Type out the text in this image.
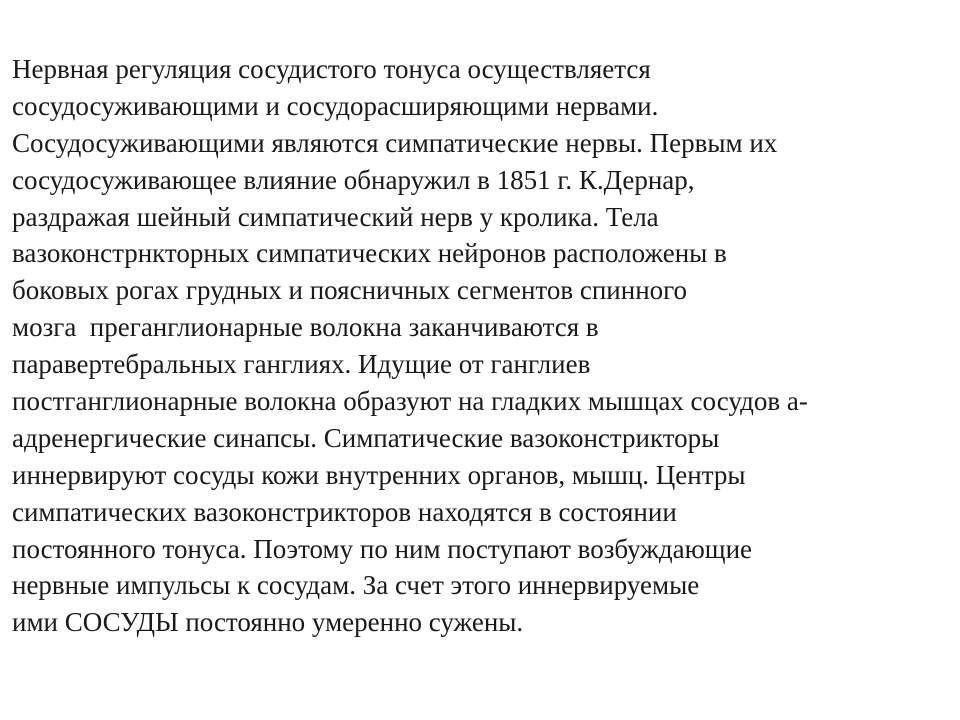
Нервная регуляция сосудистого тонуса осуществляется
сосудосуживающими и сосудорасширяющими нервами.
Сосудосуживающими являются симпатические нервы. Первым их
сосудосуживающее влияние обнаружил в 1851 г. К.Дернар,
раздражая шейный симпатический нерв у кролика. Тела
вазоконстрнкторных симпатических нейронов расположены в
боковых рогах грудных и поясничных сегментов спинного
мозга  преганглионарные волокна заканчиваются в
паравертебральных ганглиях. Идущие от ганглиев
постганглионарные волокна образуют на гладких мышцах сосудов а-
адренергические синапсы. Симпатические вазоконстрикторы
иннервируют сосуды кожи внутренних органов, мышц. Центры
симпатических вазоконстрикторов находятся в состоянии
постоянного тонуса. Поэтому по ним поступают возбуждающие
нервные импульсы к сосудам. За счет этого иннервируемые
ими СОСУДЫ постоянно умеренно сужены.
